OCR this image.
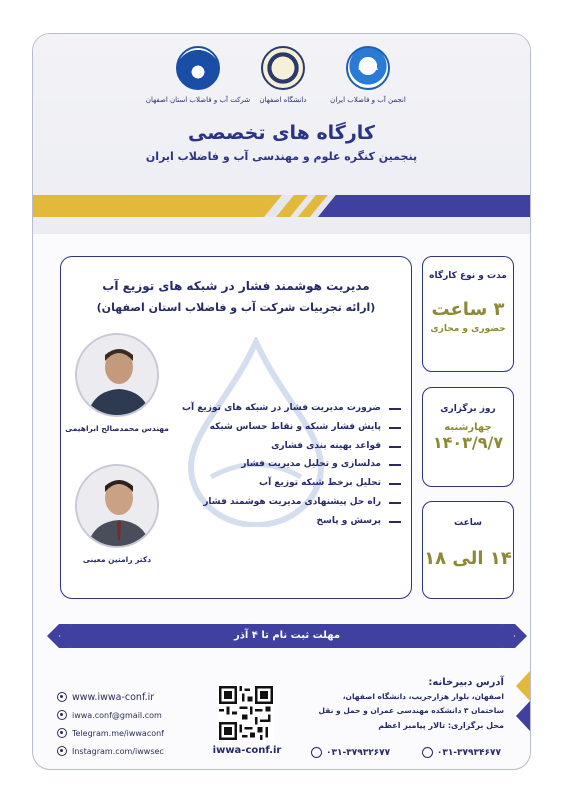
IWWA
انجمن آب و فاضلاب ایران
دانشگاه اصفهان
شرکت آب و فاضلاب استان اصفهان
کارگاه های تخصصی
پنجمین کنگره علوم و مهندسی آب و فاضلاب ایران
مدیریت هوشمند فشار در شبکه های توزیع آب
(ارائه تجربیات شرکت آب و فاضلاب استان اصفهان)
مهندس محمدصالح ابراهیمی
دکتر رامتین معینی
ضرورت مدیریت فشار در شبکه های توزیع آب
پایش فشار شبکه و نقاط حساس شبکه
قواعد بهینه بندی فشاری
مدلسازی و تحلیل مدیریت فشار
تحلیل برخط شبکه توزیع آب
راه حل پیشنهادی مدیریت هوشمند فشار
پرسش و پاسخ
مدت و نوع کارگاه
۳ ساعت
حضوری و مجازی
روز برگزاری
چهارشنبه
۱۴۰۳/۹/۷
ساعت
۱۴ الی ۱۸
مهلت ثبت نام تا ۴ آذر
www.iwwa-conf.ir
iwwa.conf@gmail.com
Telegram.me/iwwaconf
Instagram.com/iwwsec	iwwa-conf.ir
آدرس دبیرخانه:
اصفهان، بلوار هزارجریب، دانشگاه اصفهان،
ساختمان ۳ دانشکده مهندسی عمران و حمل و نقل
محل برگزاری: تالار پیامبر اعظم
۰۳۱-۳۷۹۳۲۶۷۷	۰۳۱-۳۷۹۳۴۶۷۷
